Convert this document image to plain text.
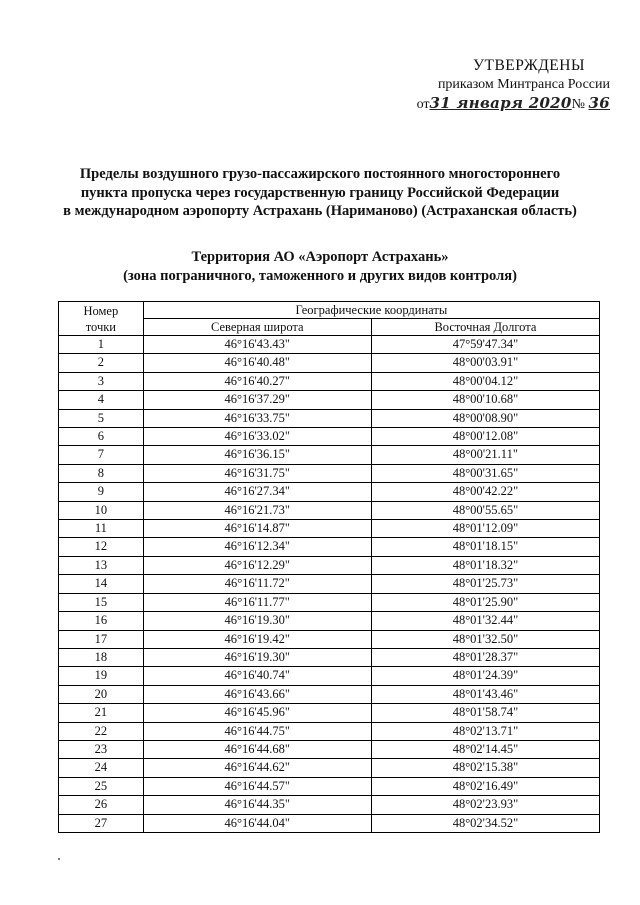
УТВЕРЖДЕНЫ
приказом Минтранса России
от31 января 2020№ 36
Пределы воздушного грузо-пассажирского постоянного многостороннего
пункта пропуска через государственную границу Российской Федерации
в международном аэропорту Астрахань (Нариманово) (Астраханская область)
Территория АО «Аэропорт Астрахань»
(зона пограничного, таможенного и других видов контроля)
Номер
точки	Географические координаты	
	Северная широта	Восточная Долгота
1	46°16'43.43"	47°59'47.34"
2	46°16'40.48"	48°00'03.91"
3	46°16'40.27"	48°00'04.12"
4	46°16'37.29"	48°00'10.68"
5	46°16'33.75"	48°00'08.90"
6	46°16'33.02"	48°00'12.08"
7	46°16'36.15"	48°00'21.11"
8	46°16'31.75"	48°00'31.65"
9	46°16'27.34"	48°00'42.22"
10	46°16'21.73"	48°00'55.65"
11	46°16'14.87"	48°01'12.09"
12	46°16'12.34"	48°01'18.15"
13	46°16'12.29"	48°01'18.32"
14	46°16'11.72"	48°01'25.73"
15	46°16'11.77"	48°01'25.90"
16	46°16'19.30"	48°01'32.44"
17	46°16'19.42"	48°01'32.50"
18	46°16'19.30"	48°01'28.37"
19	46°16'40.74"	48°01'24.39"
20	46°16'43.66"	48°01'43.46"
21	46°16'45.96"	48°01'58.74"
22	46°16'44.75"	48°02'13.71"
23	46°16'44.68"	48°02'14.45"
24	46°16'44.62"	48°02'15.38"
25	46°16'44.57"	48°02'16.49"
26	46°16'44.35"	48°02'23.93"
27	46°16'44.04"	48°02'34.52"
